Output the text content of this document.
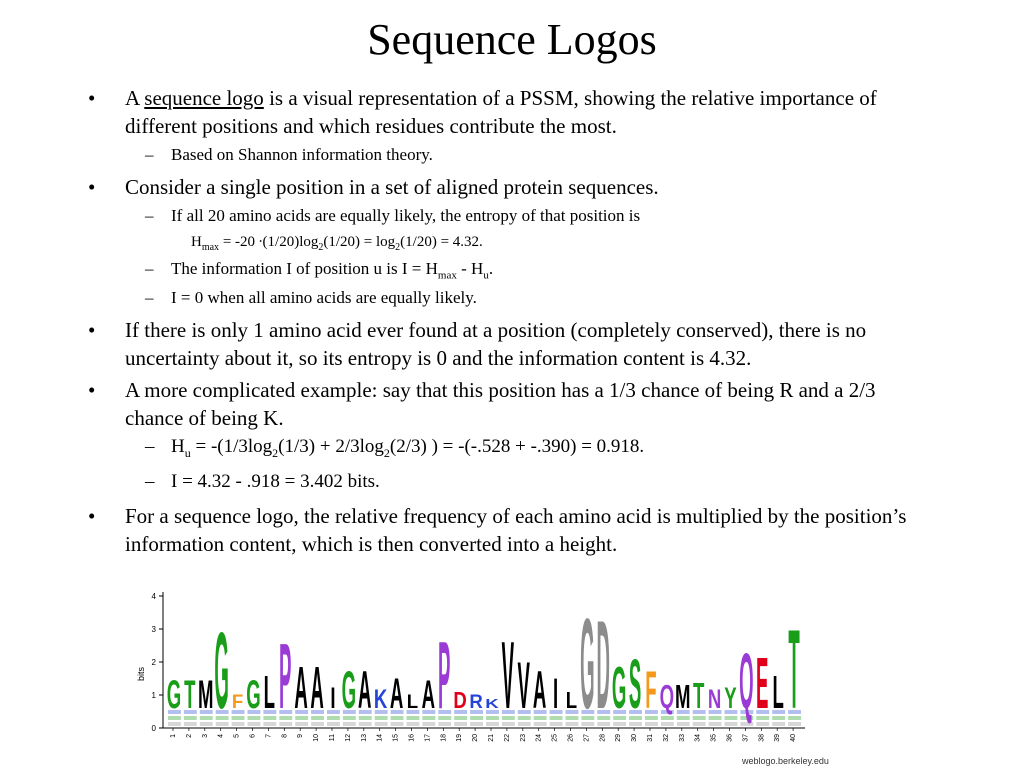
Sequence Logos
• A sequence logo is a visual representation of a PSSM, showing the relative importance of different positions and which residues contribute the most.
– Based on Shannon information theory.
• Consider a single position in a set of aligned protein sequences.
– If all 20 amino acids are equally likely, the entropy of that position is
$H_{max} = -20 \cdot(1/20)\log_2(1/20) = \log_2(1/20) = 4.32$.
– The information I of position u is $I = H_{max} - H_u$.
– I = 0 when all amino acids are equally likely.
• If there is only 1 amino acid ever found at a position (completely conserved), there is no uncertainty about it, so its entropy is 0 and the information content is 4.32.
• A more complicated example: say that this position has a 1/3 chance of being R and a 2/3 chance of being K.
– $H_u = -(1/3\log_2(1/3) + 2/3\log_2(2/3)$ ) = -(-.528 + -.390) = 0.918.
– I = 4.32 - .918 = 3.402 bits.
• For a sequence logo, the relative frequency of each amino acid is multiplied by the position’s information content, which is then converted into a height.
0
1
2
3
4
bits
1 2 3 4 5 6 7 8 9 10 11 12 13 14 15 16 17 18 19 20 21 22 23 24 25 26 27 28 29 30 31 32 33 34 35 36 37 38 39 40
G T M G F G L P A A I G A K A L A P D R K V V A I L G D G S F Q M T N Y Q E L T
weblogo.berkeley.edu
